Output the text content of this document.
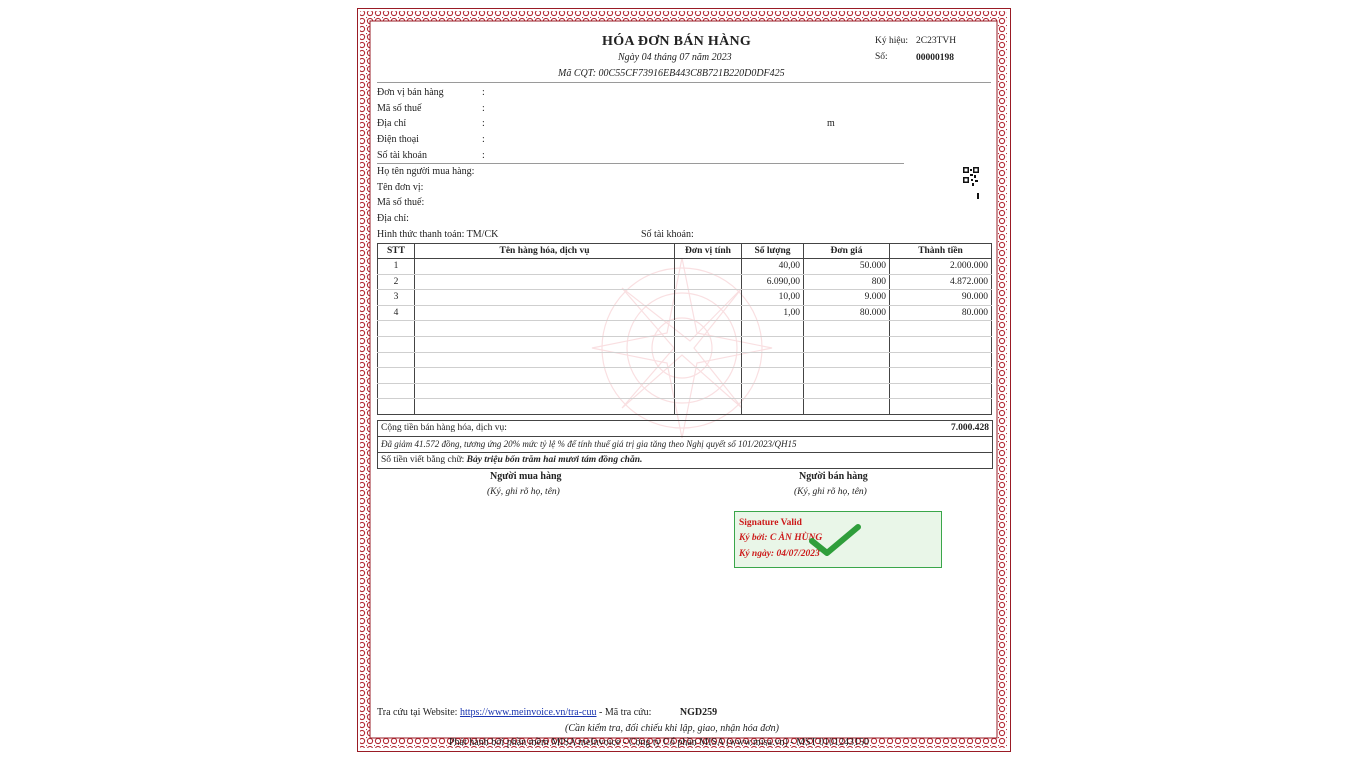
HÓA ĐƠN BÁN HÀNG
Ngày 04 tháng 07 năm 2023
Mã CQT: 00C55CF73916EB443C8B721B220D0DF425
Ký hiệu: 2C23TVH
Số:	00000198
Đơn vị bán hàng	:
Mã số thuế	:
Địa chỉ	:	m
Điện thoại	:
Số tài khoản	:
Họ tên người mua hàng:
Tên đơn vị:
Mã số thuế:
Địa chỉ:
Hình thức thanh toán: TM/CK	Số tài khoản:
STT	Tên hàng hóa, dịch vụ	Đơn vị tính	Số lượng	Đơn giá	Thành tiền
1			40,00	50.000	2.000.000
2			6.090,00	800	4.872.000
3			10,00	9.000	90.000
4			1,00	80.000	80.000

Cộng tiền bán hàng hóa, dịch vụ:	7.000.428
Đã giảm 41.572 đồng, tương ứng 20% mức tỷ lệ % để tính thuế giá trị gia tăng theo Nghị quyết số 101/2023/QH15
Số tiền viết bằng chữ: Bảy triệu bốn trăm hai mươi tám đồng chẵn.
Người mua hàng
(Ký, ghi rõ họ, tên)
Người bán hàng
(Ký, ghi rõ họ, tên)
Signature Valid
Ký bởi: C ÀN HÙNG
Ký ngày: 04/07/2023
Tra cứu tại Website: https://www.meinvoice.vn/tra-cuu - Mã tra cứu:	NGD259
(Cần kiểm tra, đối chiếu khi lập, giao, nhận hóa đơn)
Phát hành bởi phần mềm MISA meInvoice - Công ty Cổ phần MISA (www.misa.vn) - MST 0101243150
